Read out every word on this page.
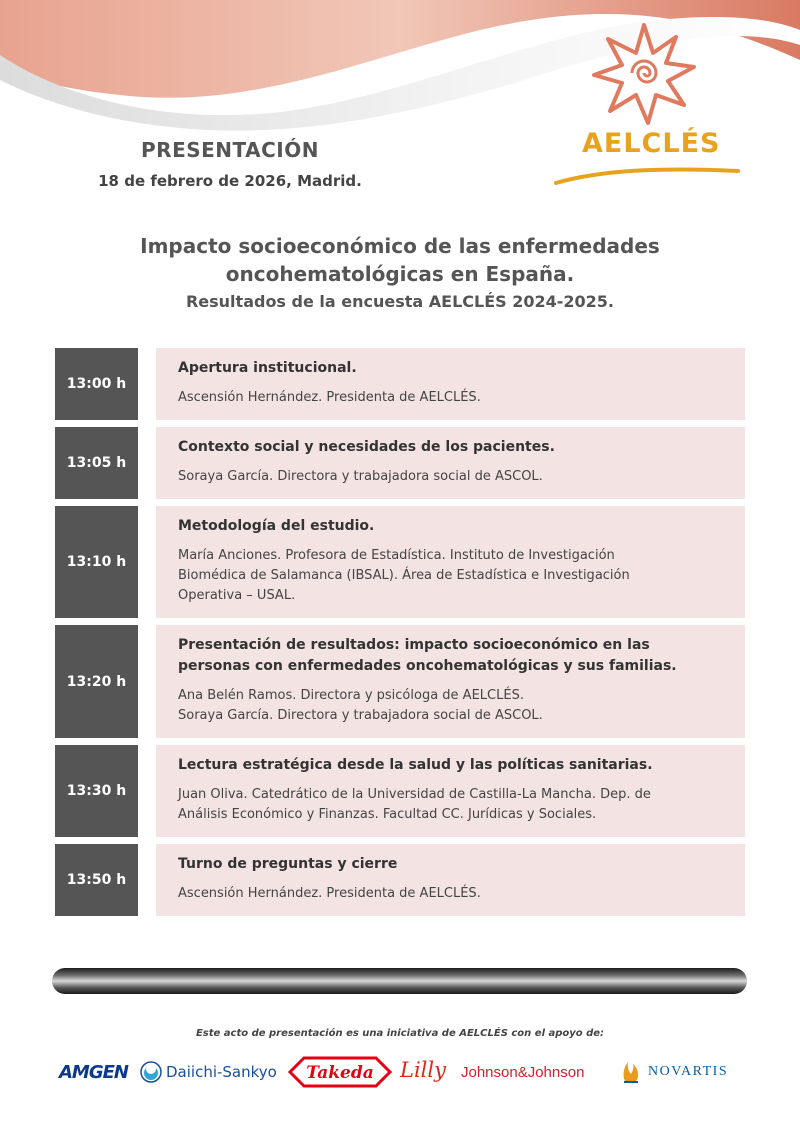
PRESENTACIÓN
18 de febrero de 2026, Madrid.
AELCLÉS
Impacto socioeconómico de las enfermedades
oncohematológicas en España.
Resultados de la encuesta AELCLÉS 2024-2025.
13:00 h
Apertura institucional.
Ascensión Hernández. Presidenta de AELCLÉS.
13:05 h
Contexto social y necesidades de los pacientes.
Soraya García. Directora y trabajadora social de ASCOL.
13:10 h
Metodología del estudio.
María Anciones. Profesora de Estadística. Instituto de Investigación
Biomédica de Salamanca (IBSAL). Área de Estadística e Investigación
Operativa – USAL.
13:20 h
Presentación de resultados: impacto socioeconómico en las
personas con enfermedades oncohematológicas y sus familias.
Ana Belén Ramos. Directora y psicóloga de AELCLÉS.
Soraya García. Directora y trabajadora social de ASCOL.
13:30 h
Lectura estratégica desde la salud y las políticas sanitarias.
Juan Oliva. Catedrático de la Universidad de Castilla-La Mancha. Dep. de
Análisis Económico y Finanzas. Facultad CC. Jurídicas y Sociales.
13:50 h
Turno de preguntas y cierre
Ascensión Hernández. Presidenta de AELCLÉS.
Este acto de presentación es una iniciativa de AELCLÉS con el apoyo de:
AMGEN	Daiichi-Sankyo Takeda Lilly Johnson&Johnson	NOVARTIS
